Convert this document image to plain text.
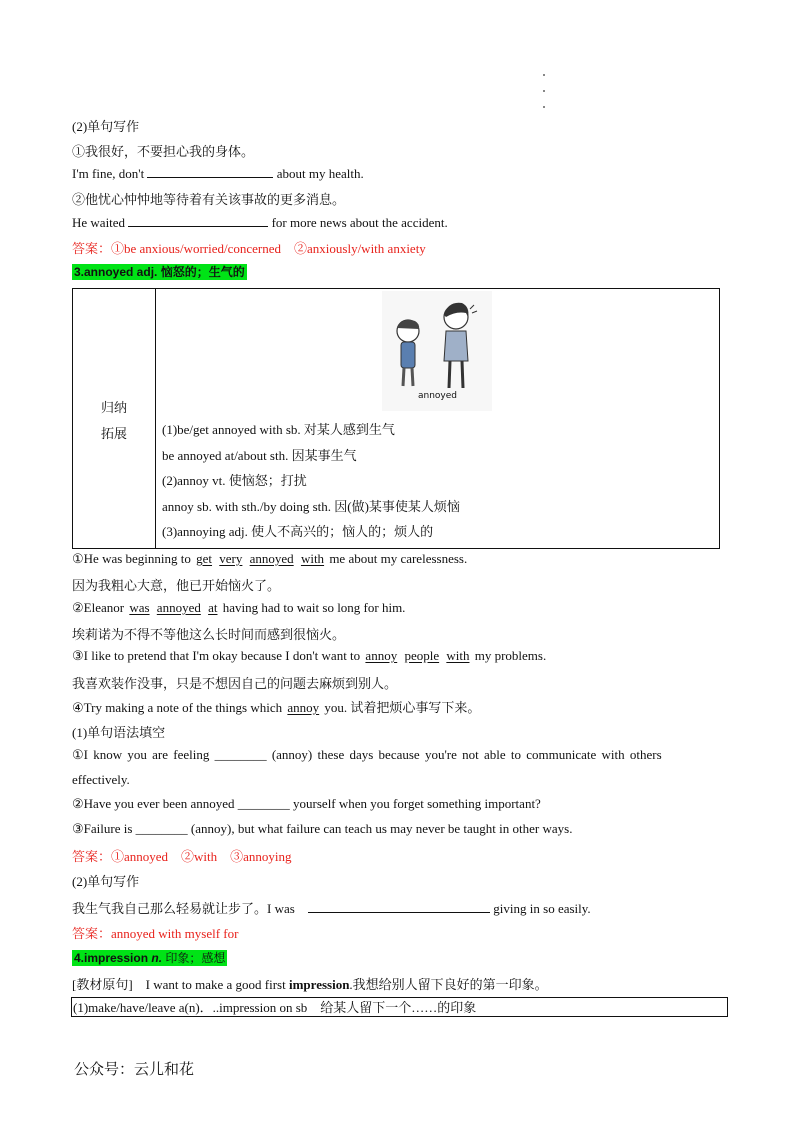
(2)单句写作
①我很好，不要担心我的身体。
I'm fine, don't	about my health.
②他忧心忡忡地等待着有关该事故的更多消息。
He waited	for more news about the accident.
答案：①be anxious/worried/concerned　②anxiously/with anxiety
3.annoyed adj. 恼怒的；生气的
归纳
拓展

annoyed
(1)be/get annoyed with sb. 对某人感到生气
be annoyed at/about sth. 因某事生气
(2)annoy vt. 使恼怒；打扰
annoy sb. with sth./by doing sth. 因(做)某事使某人烦恼
(3)annoying adj. 使人不高兴的；恼人的；烦人的
①He was beginning to get very annoyed with me about my carelessness.
因为我粗心大意，他已开始恼火了。
②Eleanor was annoyed at having had to wait so long for him.
埃莉诺为不得不等他这么长时间而感到很恼火。
③I like to pretend that I'm okay because I don't want to annoy people with my problems.
我喜欢装作没事，只是不想因自己的问题去麻烦到别人。
④Try making a note of the things which annoy you. 试着把烦心事写下来。
(1)单句语法填空
①I know you are feeling ________ (annoy) these days because you're not able to communicate with others
effectively.
②Have you ever been annoyed ________ yourself when you forget something important?
③Failure is ________ (annoy), but what failure can teach us may never be taught in other ways.
答案：①annoyed　②with　③annoying
(2)单句写作
我生气我自己那么轻易就让步了。I was	giving in so easily.
答案：annoyed with myself for
4.impression n. 印象；感想
[教材原句]　I want to make a good first impression.我想给别人留下良好的第一印象。
(1)make/have/leave a(n)．..impression on sb　给某人留下一个……的印象
公众号：云儿和花
